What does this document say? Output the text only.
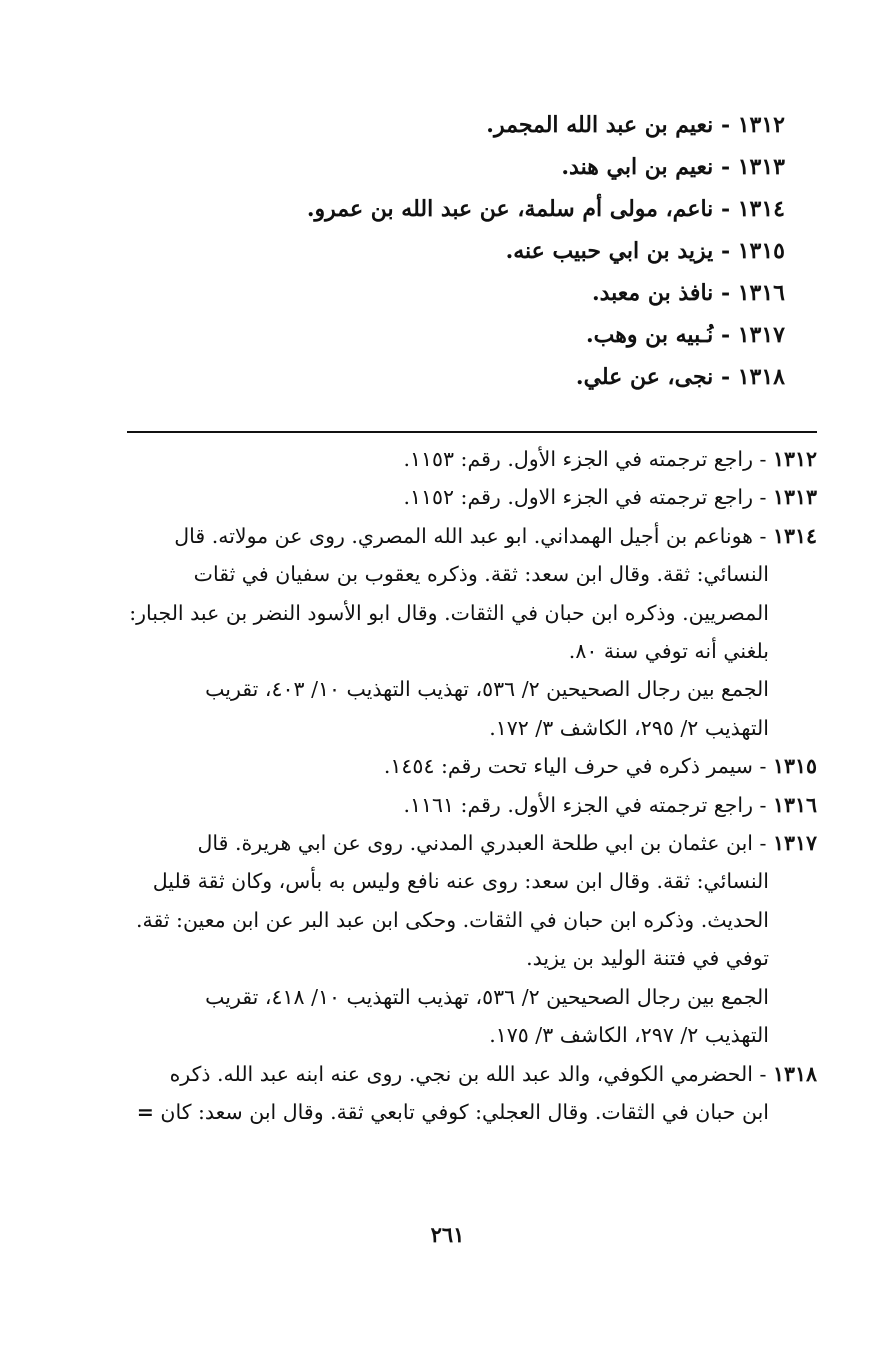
١٣١٢ - نعيم بن عبد الله المجمر.
١٣١٣ - نعيم بن ابي هند.
١٣١٤ - ناعم، مولى أم سلمة، عن عبد الله بن عمرو.
١٣١٥ - يزيد بن ابي حبيب عنه.
١٣١٦ - نافذ بن معبد.
١٣١٧ - نُـبيه بن وهب.
١٣١٨ - نجى، عن علي.
١٣١٢ - راجع ترجمته في الجزء الأول. رقم: ١١٥٣.
١٣١٣ - راجع ترجمته في الجزء الاول. رقم: ١١٥٢.
١٣١٤ - هوناعم بن أجيل الهمداني. ابو عبد الله المصري. روى عن مولاته. قال
النسائي: ثقة. وقال ابن سعد: ثقة. وذكره يعقوب بن سفيان في ثقات
المصريين. وذكره ابن حبان في الثقات. وقال ابو الأسود النضر بن عبد الجبار:
بلغني أنه توفي سنة ٨٠.
الجمع بين رجال الصحيحين ٢/ ٥٣٦، تهذيب التهذيب ١٠/ ٤٠٣، تقريب
التهذيب ٢/ ٢٩٥، الكاشف ٣/ ١٧٢.
١٣١٥ - سيمر ذكره في حرف الياء تحت رقم: ١٤٥٤.
١٣١٦ - راجع ترجمته في الجزء الأول. رقم: ١١٦١.
١٣١٧ - ابن عثمان بن ابي طلحة العبدري المدني. روى عن ابي هريرة. قال
النسائي: ثقة. وقال ابن سعد: روى عنه نافع وليس به بأس، وكان ثقة قليل
الحديث. وذكره ابن حبان في الثقات. وحكى ابن عبد البر عن ابن معين: ثقة.
توفي في فتنة الوليد بن يزيد.
الجمع بين رجال الصحيحين ٢/ ٥٣٦، تهذيب التهذيب ١٠/ ٤١٨، تقريب
التهذيب ٢/ ٢٩٧، الكاشف ٣/ ١٧٥.
١٣١٨ - الحضرمي الكوفي، والد عبد الله بن نجي. روى عنه ابنه عبد الله. ذكره
ابن حبان في الثقات. وقال العجلي: كوفي تابعي ثقة. وقال ابن سعد: كان =
٢٦١
